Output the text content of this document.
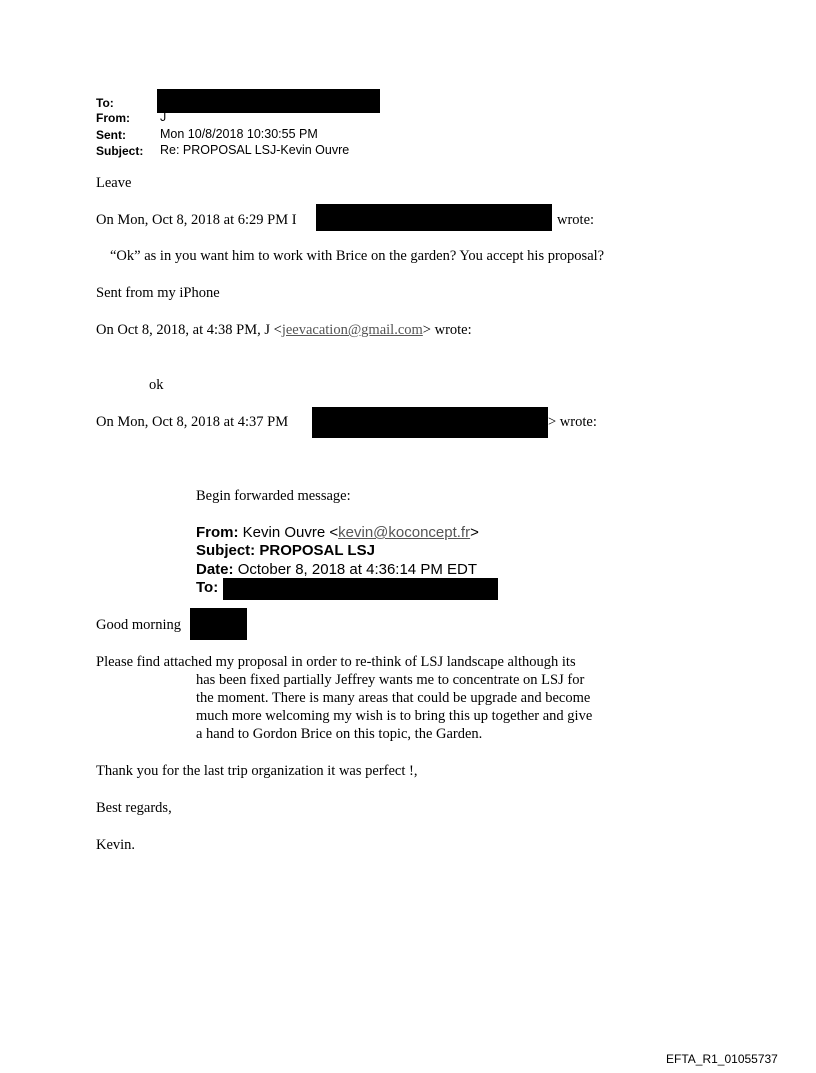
To:
From: J
Sent:	Mon 10/8/2018 10:30:55 PM
Subject: Re: PROPOSAL LSJ-Kevin Ouvre
Leave
On Mon, Oct 8, 2018 at 6:29 PM I	wrote:
“Ok” as in you want him to work with Brice on the garden? You accept his proposal?
Sent from my iPhone
On Oct 8, 2018, at 4:38 PM, J <jeevacation@gmail.com> wrote:
ok
On Mon, Oct 8, 2018 at 4:37 PM	> wrote:
Begin forwarded message:
From: Kevin Ouvre <kevin@koconcept.fr>
Subject: PROPOSAL LSJ
Date: October 8, 2018 at 4:36:14 PM EDT
To:
Good morning
Please find attached my proposal in order to re-think of LSJ landscape although its
has been fixed partially Jeffrey wants me to concentrate on LSJ for
the moment. There is many areas that could be upgrade and become
much more welcoming my wish is to bring this up together and give
a hand to Gordon Brice on this topic, the Garden.
Thank you for the last trip organization it was perfect !,
Best regards,
Kevin.
EFTA_R1_01055737
